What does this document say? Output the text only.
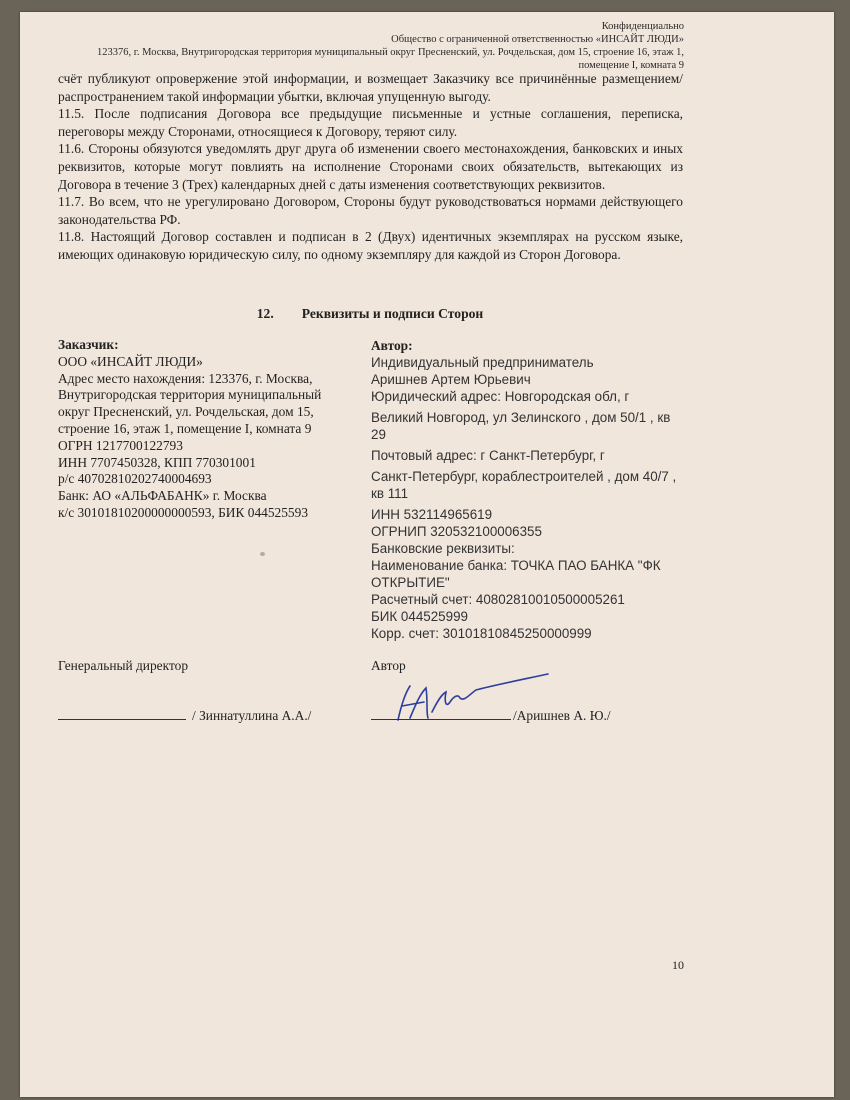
Конфиденциально
Общество с ограниченной ответственностью «ИНСАЙТ ЛЮДИ»
123376, г. Москва, Внутригородская территория муниципальный округ Пресненский, ул. Рочдельская, дом 15, строение 16, этаж 1,
помещение I, комната 9

счёт публикуют опровержение этой информации, и возмещает Заказчику все причинённые размещением/распространением такой информации убытки, включая упущенную выгоду.

11.5. После подписания Договора все предыдущие письменные и устные соглашения, переписка, переговоры между Сторонами, относящиеся к Договору, теряют силу.

11.6. Стороны обязуются уведомлять друг друга об изменении своего местонахождения, банковских и иных реквизитов, которые могут повлиять на исполнение Сторонами своих обязательств, вытекающих из Договора в течение 3 (Трех) календарных дней с даты изменения соответствующих реквизитов.

11.7. Во всем, что не урегулировано Договором, Стороны будут руководствоваться нормами действующего законодательства РФ.

11.8. Настоящий Договор составлен и подписан в 2 (Двух) идентичных экземплярах на русском языке, имеющих одинаковую юридическую силу, по одному экземпляру для каждой из Сторон Договора.

12. Реквизиты и подписи Сторон
Заказчик:
ООО «ИНСАЙТ ЛЮДИ»
Адрес место нахождения: 123376, г. Москва,
Внутригородская территория муниципальный
округ Пресненский, ул. Рочдельская, дом 15,
строение 16, этаж 1, помещение I, комната 9
ОГРН 1217700122793
ИНН 7707450328, КПП 770301001
р/с 40702810202740004693
Банк: АО «АЛЬФАБАНК» г. Москва
к/с 30101810200000000593, БИК 044525593
Автор:
Индивидуальный предприниматель
Аришнев Артем Юрьевич
Юридический адрес: Новгородская обл, г
Великий Новгород, ул Зелинского , дом 50/1 , кв
29
Почтовый адрес: г Санкт-Петербург, г
Санкт-Петербург, кораблестроителей , дом 40/7 ,
кв 111
ИНН 532114965619
ОГРНИП 320532100006355
Банковские реквизиты:
Наименование банка: ТОЧКА ПАО БАНКА "ФК
ОТКРЫТИЕ"
Расчетный счет: 40802810010500005261
БИК 044525999
Корр. счет: 30101810845250000999
Генеральный директор	Автор
/ Зиннатуллина А.А./	/Аришнев А. Ю./
10
